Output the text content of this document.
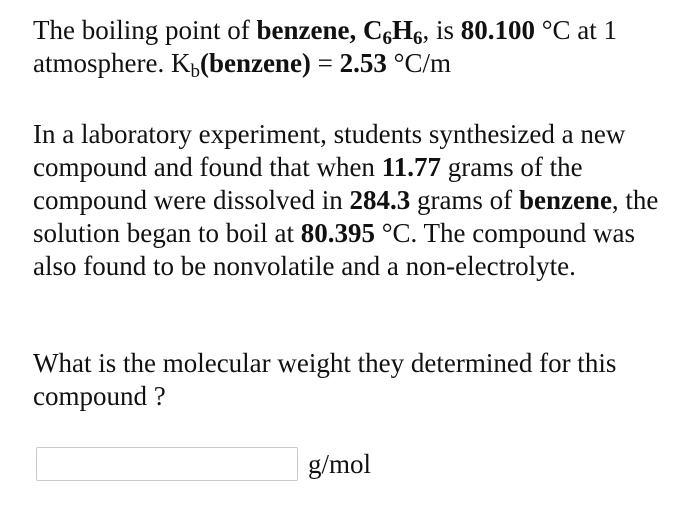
The boiling point of benzene, C6H6, is 80.100 °C at 1
atmosphere. Kb(benzene) = 2.53 °C/m

In a laboratory experiment, students synthesized a new
compound and found that when 11.77 grams of the
compound were dissolved in 284.3 grams of benzene, the
solution began to boil at 80.395 °C. The compound was
also found to be nonvolatile and a non-electrolyte.

What is the molecular weight they determined for this
compound ?

g/mol
